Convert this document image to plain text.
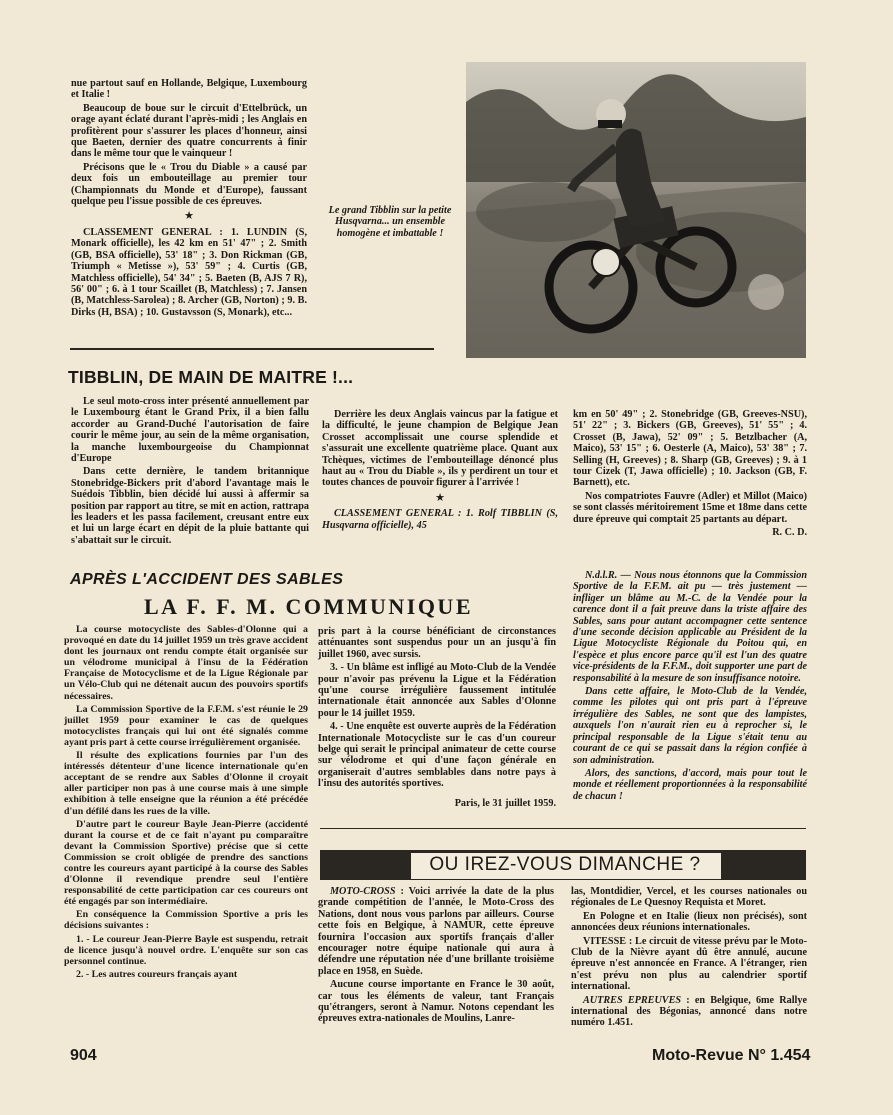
nue partout sauf en Hollande, Belgique, Luxembourg et Italie !

Beaucoup de boue sur le circuit d'Ettelbrück, un orage ayant éclaté durant l'après-midi ; les Anglais en profitèrent pour s'assurer les places d'honneur, ainsi que Baeten, dernier des quatre concurrents à finir dans le même tour que le vainqueur !

Précisons que le « Trou du Diable » a causé par deux fois un embouteillage au premier tour (Championnats du Monde et d'Europe), faussant quelque peu l'issue possible de ces épreuves.

★

CLASSEMENT GENERAL : 1. LUNDIN (S, Monark officielle), les 42 km en 51' 47" ; 2. Smith (GB, BSA officielle), 53' 18" ; 3. Don Rickman (GB, Triumph « Metisse »), 53' 59" ; 4. Curtis (GB, Matchless officielle), 54' 34" ; 5. Baeten (B, AJS 7 R), 56' 00" ; 6. à 1 tour Scaillet (B, Matchless) ; 7. Jansen (B, Matchless-Sarolea) ; 8. Archer (GB, Norton) ; 9. B. Dirks (H, BSA) ; 10. Gustavsson (S, Monark), etc...

Le grand Tibblin sur la petite Husqvarna... un ensemble homogène et imbattable !
TIBBLIN, DE MAIN DE MAITRE !...

Le seul moto-cross inter présenté annuellement par le Luxembourg étant le Grand Prix, il a bien fallu accorder au Grand-Duché l'autorisation de faire courir le même jour, au sein de la même organisation, la manche luxembourgeoise du Championnat d'Europe

Dans cette dernière, le tandem britannique Stonebridge-Bickers prit d'abord l'avantage mais le Suédois Tibblin, bien décidé lui aussi à affermir sa position par rapport au titre, se mit en action, rattrapa les leaders et les passa facilement, creusant entre eux et lui un large écart en dépit de la pluie battante qui s'abattait sur le circuit.

Derrière les deux Anglais vaincus par la fatigue et la difficulté, le jeune champion de Belgique Jean Crosset accomplissait une course splendide et s'assurait une excellente quatrième place. Quant aux Tchèques, victimes de l'embouteillage dénoncé plus haut au « Trou du Diable », ils y perdirent un tour et toutes chances de pouvoir figurer à l'arrivée !

★

CLASSEMENT GENERAL : 1. Rolf TIBBLIN (S, Husqvarna officielle), 45

km en 50' 49" ; 2. Stonebridge (GB, Greeves-NSU), 51' 22" ; 3. Bickers (GB, Greeves), 51' 55" ; 4. Crosset (B, Jawa), 52' 09" ; 5. Betzlbacher (A, Maico), 53' 15" ; 6. Oesterle (A, Maico), 53' 38" ; 7. Selling (H, Greeves) ; 8. Sharp (GB, Greeves) ; 9. à 1 tour Cizek (T, Jawa officielle) ; 10. Jackson (GB, F. Barnett), etc.

Nos compatriotes Fauvre (Adler) et Millot (Maico) se sont classés méritoirement 15me et 18me dans cette dure épreuve qui comptait 25 partants au départ.

R. C. D.
APRÈS L'ACCIDENT DES SABLES
LA F. F. M. COMMUNIQUE

La course motocycliste des Sables-d'Olonne qui a provoqué en date du 14 juillet 1959 un très grave accident dont les journaux ont rendu compte était organisée sur un vélodrome municipal à l'insu de la Fédération Française de Motocyclisme et de la Ligue Régionale par un Vélo-Club qui ne détenait aucun des pouvoirs sportifs nécessaires.

La Commission Sportive de la F.F.M. s'est réunie le 29 juillet 1959 pour examiner le cas de quelques motocyclistes français qui lui ont été signalés comme ayant pris part à cette course irrégulièrement organisée.

Il résulte des explications fournies par l'un des intéressés détenteur d'une licence internationale qu'en acceptant de se rendre aux Sables d'Olonne il croyait aller participer non pas à une course mais à une simple exhibition à telle enseigne que la réunion a été précédée d'un défilé dans les rues de la ville.

D'autre part le coureur Bayle Jean-Pierre (accidenté durant la course et de ce fait n'ayant pu comparaître devant la Commission Sportive) précise que si cette Commission se croit obligée de prendre des sanctions contre les coureurs ayant participé à la course des Sables d'Olonne il revendique prendre seul l'entière responsabilité de cette participation car ces coureurs ont été engagés par son intermédiaire.

En conséquence la Commission Sportive a pris les décisions suivantes :

1. - Le coureur Jean-Pierre Bayle est suspendu, retrait de licence jusqu'à nouvel ordre. L'enquête sur son cas personnel continue.

2. - Les autres coureurs français ayant

pris part à la course bénéficiant de circonstances atténuantes sont suspendus pour un an jusqu'à fin juillet 1960, avec sursis.

3. - Un blâme est infligé au Moto-Club de la Vendée pour n'avoir pas prévenu la Ligue et la Fédération qu'une course irrégulière faussement intitulée internationale était annoncée aux Sables d'Olonne pour le 14 juillet 1959.

4. - Une enquête est ouverte auprès de la Fédération Internationale Motocycliste sur le cas d'un coureur belge qui serait le principal animateur de cette course sur vélodrome et qui d'une façon générale en organiserait d'autres semblables dans notre pays à l'insu des autorités sportives.

Paris, le 31 juillet 1959.

N.d.l.R. — Nous nous étonnons que la Commission Sportive de la F.F.M. ait pu — très justement — infliger un blâme au M.-C. de la Vendée pour la carence dont il a fait preuve dans la triste affaire des Sables, sans pour autant accompagner cette sentence d'une seconde décision applicable au Président de la Ligue Motocycliste Régionale du Poitou qui, en l'espèce et plus encore parce qu'il est l'un des quatre vice-présidents de la F.F.M., doit supporter une part de responsabilité à la mesure de son insuffisance notoire.

Dans cette affaire, le Moto-Club de la Vendée, comme les pilotes qui ont pris part à l'épreuve irrégulière des Sables, ne sont que des lampistes, auxquels l'on n'aurait rien eu à reprocher si, le principal responsable de la Ligue s'était tenu au courant de ce qui se passait dans la région confiée à son administration.

Alors, des sanctions, d'accord, mais pour tout le monde et réellement proportionnées à la responsabilité de chacun !

OU IREZ-VOUS DIMANCHE ?

MOTO-CROSS : Voici arrivée la date de la plus grande compétition de l'année, le Moto-Cross des Nations, dont nous vous parlons par ailleurs. Course cette fois en Belgique, à NAMUR, cette épreuve fournira l'occasion aux sportifs français d'aller encourager notre équipe nationale qui aura à défendre une réputation née d'une brillante troisième place en 1958, en Suède.

Aucune course importante en France le 30 août, car tous les éléments de valeur, tant Français qu'étrangers, seront à Namur. Notons cependant les épreuves extra-nationales de Moulins, Lanre-

las, Montdidier, Vercel, et les courses nationales ou régionales de Le Quesnoy Requista et Moret.

En Pologne et en Italie (lieux non précisés), sont annoncées deux réunions internationales.

VITESSE : Le circuit de vitesse prévu par le Moto-Club de la Nièvre ayant dû être annulé, aucune épreuve n'est annoncée en France. A l'étranger, rien n'est prévu non plus au calendrier sportif international.

AUTRES EPREUVES : en Belgique, 6me Rallye international des Bégonias, annoncé dans notre numéro 1.451.

904	Moto-Revue N° 1.454
